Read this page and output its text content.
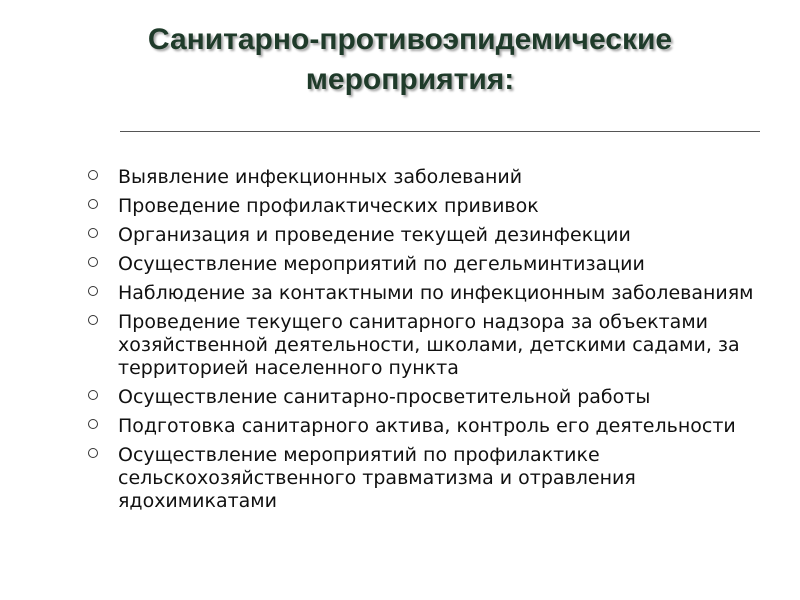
Санитарно-противоэпидемические мероприятия:
Выявление инфекционных заболеваний
Проведение профилактических прививок
Организация и проведение текущей дезинфекции
Осуществление мероприятий по дегельминтизации
Наблюдение за контактными по инфекционным заболеваниям
Проведение текущего санитарного надзора за объектами хозяйственной деятельности, школами, детскими садами, за территорией населенного пункта
Осуществление санитарно-просветительной работы
Подготовка санитарного актива, контроль его деятельности
Осуществление мероприятий по профилактике сельскохозяйственного травматизма и отравления ядохимикатами
